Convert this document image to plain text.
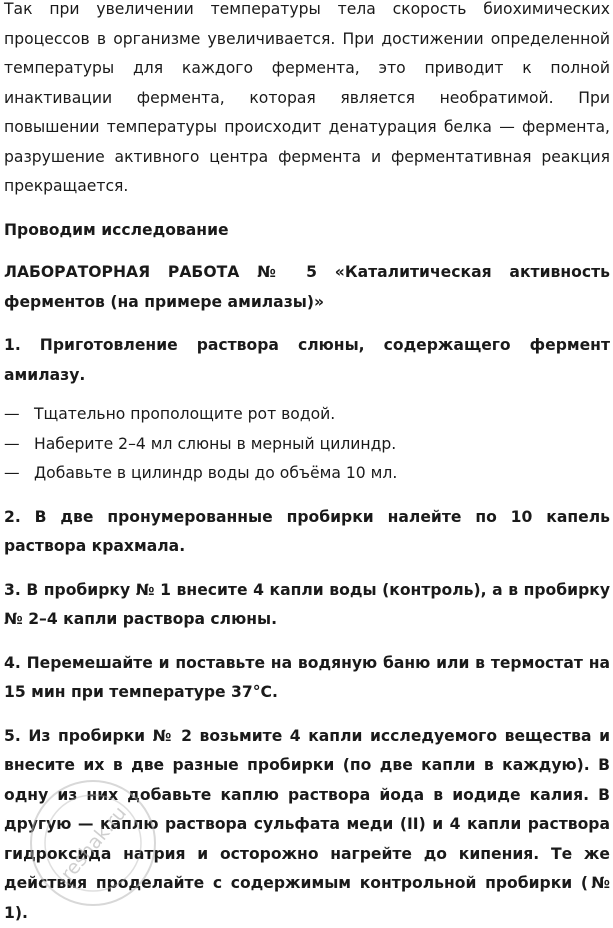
Так при увеличении температуры тела скорость биохимических процессов в организме увеличивается. При достижении определенной температуры для каждого фермента, это приводит к полной инактивации фермента, которая является необратимой. При повышении температуры происходит денатурация белка — фермента, разрушение активного центра фермента и ферментативная реакция прекращается.

Проводим исследование

ЛАБОРАТОРНАЯ РАБОТА № 5 «Каталитическая активность ферментов (на примере амилазы)»

1. Приготовление раствора слюны, содержащего фермент амилазу.

— Тщательно прополощите рот водой.
— Наберите 2–4 мл слюны в мерный цилиндр.
— Добавьте в цилиндр воды до объёма 10 мл.

2. В две пронумерованные пробирки налейте по 10 капель раствора крахмала.

3. В пробирку № 1 внесите 4 капли воды (контроль), а в пробирку № 2–4 капли раствора слюны.

4. Перемешайте и поставьте на водяную баню или в термостат на 15 мин при температуре 37°С.

5. Из пробирки № 2 возьмите 4 капли исследуемого вещества и внесите их в две разные пробирки (по две капли в каждую). В одну из них добавьте каплю раствора йода в иодиде калия. В другую — каплю раствора сульфата меди (II) и 4 капли раствора гидроксида натрия и осторожно нагрейте до кипения. Те же действия проделайте с содержимым контрольной пробирки (№ 1).

reshak.ru
